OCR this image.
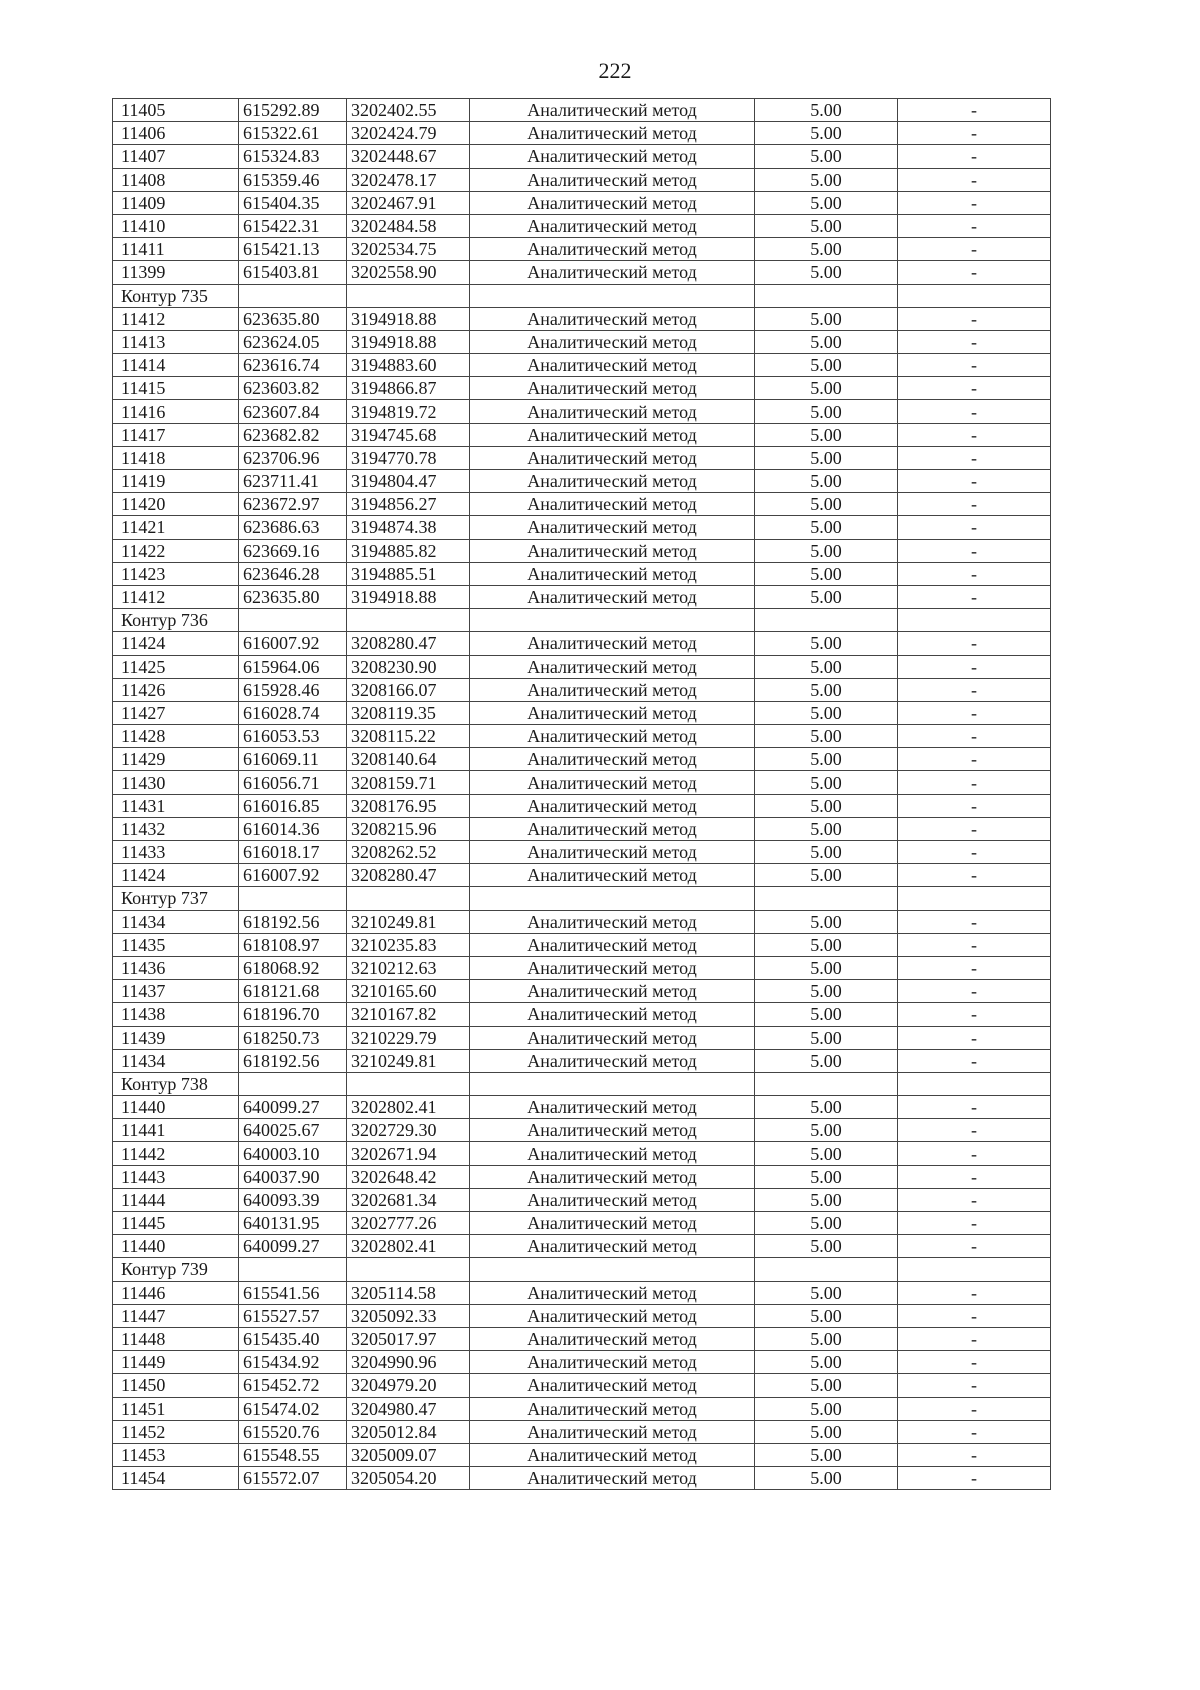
222
11405	615292.89	3202402.55	Аналитический метод	5.00	-
11406	615322.61	3202424.79	Аналитический метод	5.00	-
11407	615324.83	3202448.67	Аналитический метод	5.00	-
11408	615359.46	3202478.17	Аналитический метод	5.00	-
11409	615404.35	3202467.91	Аналитический метод	5.00	-
11410	615422.31	3202484.58	Аналитический метод	5.00	-
11411	615421.13	3202534.75	Аналитический метод	5.00	-
11399	615403.81	3202558.90	Аналитический метод	5.00	-
Контур 735					
11412	623635.80	3194918.88	Аналитический метод	5.00	-
11413	623624.05	3194918.88	Аналитический метод	5.00	-
11414	623616.74	3194883.60	Аналитический метод	5.00	-
11415	623603.82	3194866.87	Аналитический метод	5.00	-
11416	623607.84	3194819.72	Аналитический метод	5.00	-
11417	623682.82	3194745.68	Аналитический метод	5.00	-
11418	623706.96	3194770.78	Аналитический метод	5.00	-
11419	623711.41	3194804.47	Аналитический метод	5.00	-
11420	623672.97	3194856.27	Аналитический метод	5.00	-
11421	623686.63	3194874.38	Аналитический метод	5.00	-
11422	623669.16	3194885.82	Аналитический метод	5.00	-
11423	623646.28	3194885.51	Аналитический метод	5.00	-
11412	623635.80	3194918.88	Аналитический метод	5.00	-
Контур 736					
11424	616007.92	3208280.47	Аналитический метод	5.00	-
11425	615964.06	3208230.90	Аналитический метод	5.00	-
11426	615928.46	3208166.07	Аналитический метод	5.00	-
11427	616028.74	3208119.35	Аналитический метод	5.00	-
11428	616053.53	3208115.22	Аналитический метод	5.00	-
11429	616069.11	3208140.64	Аналитический метод	5.00	-
11430	616056.71	3208159.71	Аналитический метод	5.00	-
11431	616016.85	3208176.95	Аналитический метод	5.00	-
11432	616014.36	3208215.96	Аналитический метод	5.00	-
11433	616018.17	3208262.52	Аналитический метод	5.00	-
11424	616007.92	3208280.47	Аналитический метод	5.00	-
Контур 737					
11434	618192.56	3210249.81	Аналитический метод	5.00	-
11435	618108.97	3210235.83	Аналитический метод	5.00	-
11436	618068.92	3210212.63	Аналитический метод	5.00	-
11437	618121.68	3210165.60	Аналитический метод	5.00	-
11438	618196.70	3210167.82	Аналитический метод	5.00	-
11439	618250.73	3210229.79	Аналитический метод	5.00	-
11434	618192.56	3210249.81	Аналитический метод	5.00	-
Контур 738					
11440	640099.27	3202802.41	Аналитический метод	5.00	-
11441	640025.67	3202729.30	Аналитический метод	5.00	-
11442	640003.10	3202671.94	Аналитический метод	5.00	-
11443	640037.90	3202648.42	Аналитический метод	5.00	-
11444	640093.39	3202681.34	Аналитический метод	5.00	-
11445	640131.95	3202777.26	Аналитический метод	5.00	-
11440	640099.27	3202802.41	Аналитический метод	5.00	-
Контур 739					
11446	615541.56	3205114.58	Аналитический метод	5.00	-
11447	615527.57	3205092.33	Аналитический метод	5.00	-
11448	615435.40	3205017.97	Аналитический метод	5.00	-
11449	615434.92	3204990.96	Аналитический метод	5.00	-
11450	615452.72	3204979.20	Аналитический метод	5.00	-
11451	615474.02	3204980.47	Аналитический метод	5.00	-
11452	615520.76	3205012.84	Аналитический метод	5.00	-
11453	615548.55	3205009.07	Аналитический метод	5.00	-
11454	615572.07	3205054.20	Аналитический метод	5.00	-
